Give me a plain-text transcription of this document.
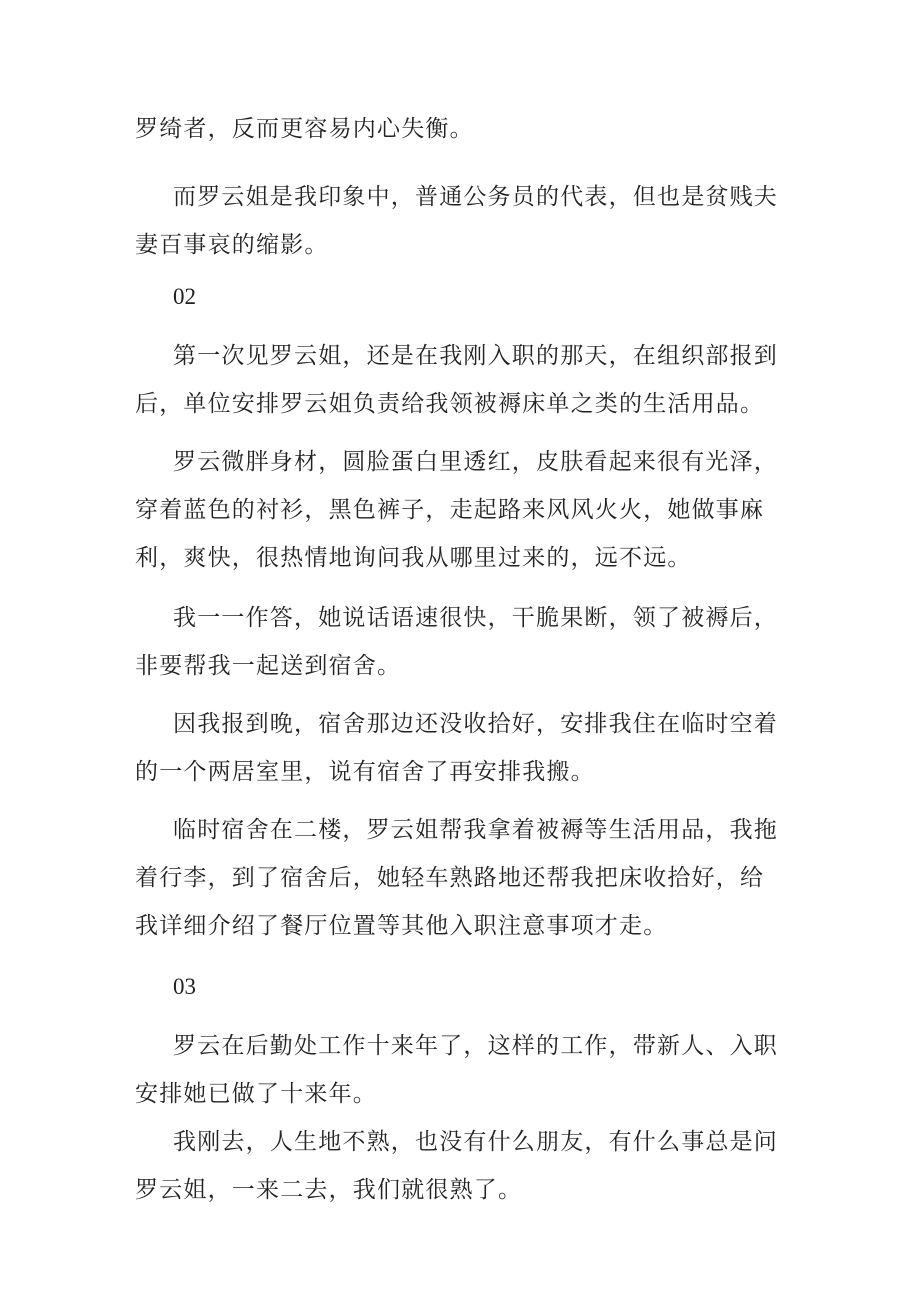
罗绮者，反而更容易内心失衡。

而罗云姐是我印象中，普通公务员的代表，但也是贫贱夫妻百事哀的缩影。

02

第一次见罗云姐，还是在我刚入职的那天，在组织部报到后，单位安排罗云姐负责给我领被褥床单之类的生活用品。

罗云微胖身材，圆脸蛋白里透红，皮肤看起来很有光泽，穿着蓝色的衬衫，黑色裤子，走起路来风风火火，她做事麻利，爽快，很热情地询问我从哪里过来的，远不远。

我一一作答，她说话语速很快，干脆果断，领了被褥后，非要帮我一起送到宿舍。

因我报到晚，宿舍那边还没收拾好，安排我住在临时空着的一个两居室里，说有宿舍了再安排我搬。

临时宿舍在二楼，罗云姐帮我拿着被褥等生活用品，我拖着行李，到了宿舍后，她轻车熟路地还帮我把床收拾好，给我详细介绍了餐厅位置等其他入职注意事项才走。

03

罗云在后勤处工作十来年了，这样的工作，带新人、入职安排她已做了十来年。

我刚去，人生地不熟，也没有什么朋友，有什么事总是问罗云姐，一来二去，我们就很熟了。
